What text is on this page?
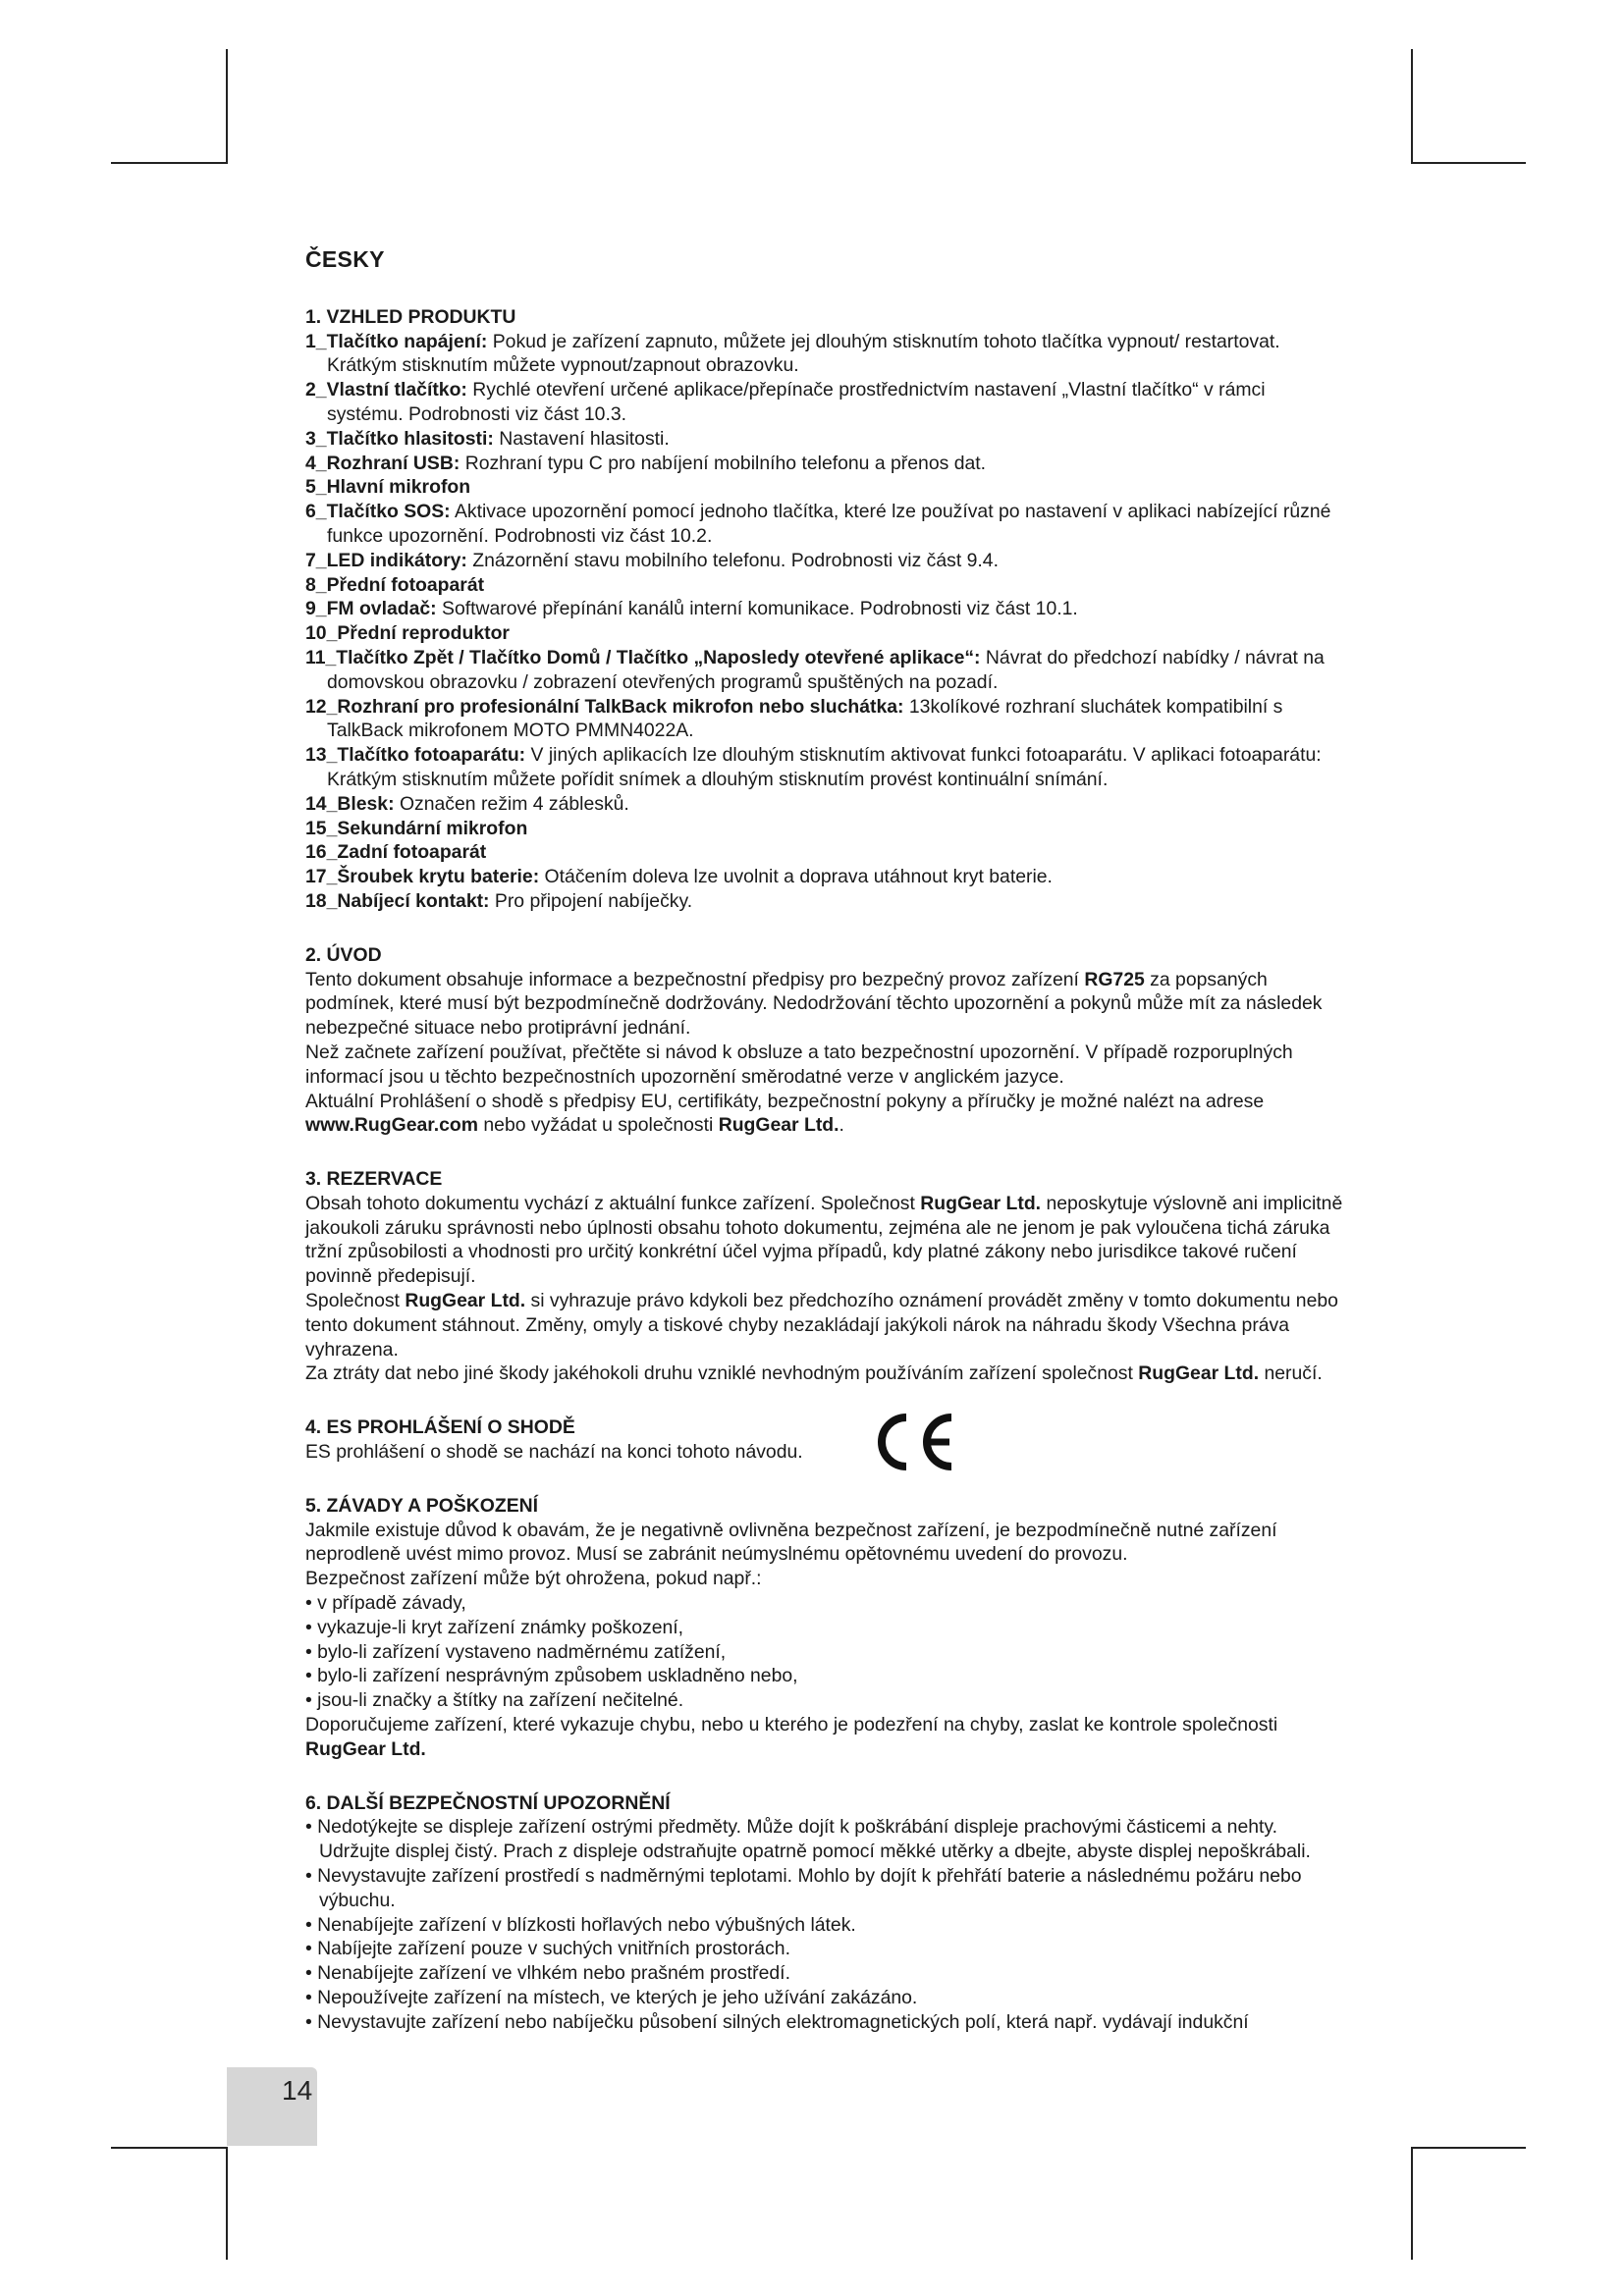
ČESKY
1. VZHLED PRODUKTU
1_Tlačítko napájení: Pokud je zařízení zapnuto, můžete jej dlouhým stisknutím tohoto tlačítka vypnout/ restartovat. Krátkým stisknutím můžete vypnout/zapnout obrazovku.
2_Vlastní tlačítko: Rychlé otevření určené aplikace/přepínače prostřednictvím nastavení „Vlastní tlačítko“ v rámci systému. Podrobnosti viz část 10.3.
3_Tlačítko hlasitosti: Nastavení hlasitosti.
4_Rozhraní USB: Rozhraní typu C pro nabíjení mobilního telefonu a přenos dat.
5_Hlavní mikrofon
6_Tlačítko SOS: Aktivace upozornění pomocí jednoho tlačítka, které lze používat po nastavení v aplikaci nabízející různé funkce upozornění. Podrobnosti viz část 10.2.
7_LED indikátory: Znázornění stavu mobilního telefonu. Podrobnosti viz část 9.4.
8_Přední fotoaparát
9_FM ovladač: Softwarové přepínání kanálů interní komunikace. Podrobnosti viz část 10.1.
10_Přední reproduktor
11_Tlačítko Zpět / Tlačítko Domů / Tlačítko „Naposledy otevřené aplikace“: Návrat do předchozí nabídky / návrat na domovskou obrazovku / zobrazení otevřených programů spuštěných na pozadí.
12_Rozhraní pro profesionální TalkBack mikrofon nebo sluchátka: 13kolíkové rozhraní sluchátek kompatibilní s TalkBack mikrofonem MOTO PMMN4022A.
13_Tlačítko fotoaparátu: V jiných aplikacích lze dlouhým stisknutím aktivovat funkci fotoaparátu. V aplikaci fotoaparátu: Krátkým stisknutím můžete pořídit snímek a dlouhým stisknutím provést kontinuální snímání.
14_Blesk: Označen režim 4 záblesků.
15_Sekundární mikrofon
16_Zadní fotoaparát
17_Šroubek krytu baterie: Otáčením doleva lze uvolnit a doprava utáhnout kryt baterie.
18_Nabíjecí kontakt: Pro připojení nabíječky.
2. ÚVOD

Tento dokument obsahuje informace a bezpečnostní předpisy pro bezpečný provoz zařízení RG725 za popsaných podmínek, které musí být bezpodmínečně dodržovány. Nedodržování těchto upozornění a pokynů může mít za následek nebezpečné situace nebo protiprávní jednání.

Než začnete zařízení používat, přečtěte si návod k obsluze a tato bezpečnostní upozornění. V případě rozporuplných informací jsou u těchto bezpečnostních upozornění směrodatné verze v anglickém jazyce.

Aktuální Prohlášení o shodě s předpisy EU, certifikáty, bezpečnostní pokyny a příručky je možné nalézt na adrese www.RugGear.com nebo vyžádat u společnosti RugGear Ltd..

3. REZERVACE

Obsah tohoto dokumentu vychází z aktuální funkce zařízení. Společnost RugGear Ltd. neposkytuje výslovně ani implicitně jakoukoli záruku správnosti nebo úplnosti obsahu tohoto dokumentu, zejména ale ne jenom je pak vyloučena tichá záruka tržní způsobilosti a vhodnosti pro určitý konkrétní účel vyjma případů, kdy platné zákony nebo jurisdikce takové ručení povinně předepisují.

Společnost RugGear Ltd. si vyhrazuje právo kdykoli bez předchozího oznámení provádět změny v tomto dokumentu nebo tento dokument stáhnout. Změny, omyly a tiskové chyby nezakládají jakýkoli nárok na náhradu škody Všechna práva vyhrazena.

Za ztráty dat nebo jiné škody jakéhokoli druhu vzniklé nevhodným používáním zařízení společnost RugGear Ltd. neručí.

4. ES PROHLÁŠENÍ O SHODĚ

ES prohlášení o shodě se nachází na konci tohoto návodu.

5. ZÁVADY A POŠKOZENÍ

Jakmile existuje důvod k obavám, že je negativně ovlivněna bezpečnost zařízení, je bezpodmínečně nutné zařízení neprodleně uvést mimo provoz. Musí se zabránit neúmyslnému opětovnému uvedení do provozu.

Bezpečnost zařízení může být ohrožena, pokud např.:

• v případě závady,
• vykazuje-li kryt zařízení známky poškození,
• bylo-li zařízení vystaveno nadměrnému zatížení,
• bylo-li zařízení nesprávným způsobem uskladněno nebo,
• jsou-li značky a štítky na zařízení nečitelné.

Doporučujeme zařízení, které vykazuje chybu, nebo u kterého je podezření na chyby, zaslat ke kontrole společnosti RugGear Ltd.

6. DALŠÍ BEZPEČNOSTNÍ UPOZORNĚNÍ
• Nedotýkejte se displeje zařízení ostrými předměty. Může dojít k poškrábání displeje prachovými částicemi a nehty. Udržujte displej čistý. Prach z displeje odstraňujte opatrně pomocí měkké utěrky a dbejte, abyste displej nepoškrábali.
• Nevystavujte zařízení prostředí s nadměrnými teplotami. Mohlo by dojít k přehřátí baterie a následnému požáru nebo výbuchu.
• Nenabíjejte zařízení v blízkosti hořlavých nebo výbušných látek.
• Nabíjejte zařízení pouze v suchých vnitřních prostorách.
• Nenabíjejte zařízení ve vlhkém nebo prašném prostředí.
• Nepoužívejte zařízení na místech, ve kterých je jeho užívání zakázáno.
• Nevystavujte zařízení nebo nabíječku působení silných elektromagnetických polí, která např. vydávají indukční
14
